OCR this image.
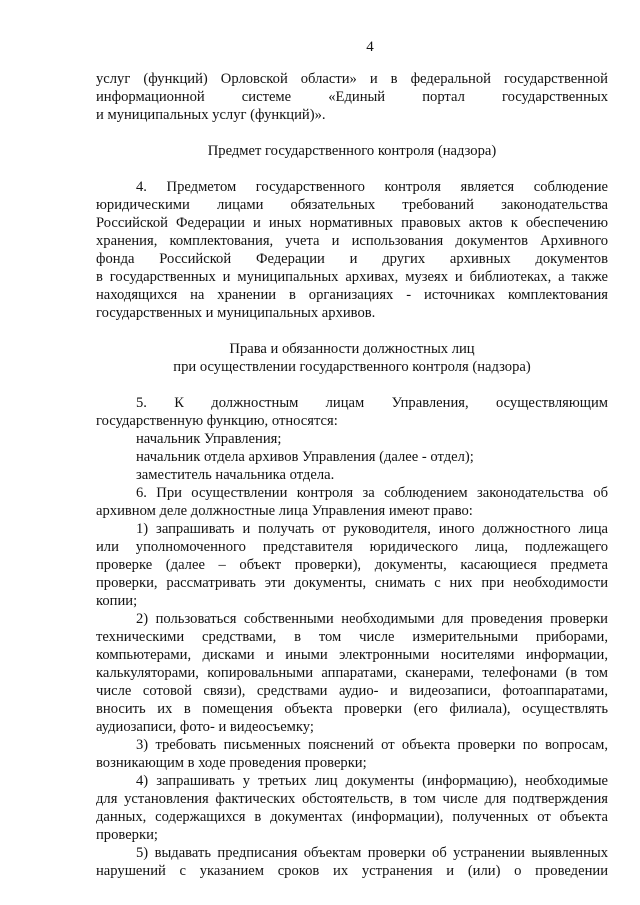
4
услуг (функций) Орловской области» и в федеральной государственной
информационной системе «Единый портал государственных
и муниципальных услуг (функций)».
Предмет государственного контроля (надзора)
4. Предметом государственного контроля является соблюдение
юридическими лицами обязательных требований законодательства
Российской Федерации и иных нормативных правовых актов к обеспечению
хранения, комплектования, учета и использования документов Архивного
фонда Российской Федерации и других архивных документов
в государственных и муниципальных архивах, музеях и библиотеках, а также
находящихся на хранении в организациях - источниках комплектования
государственных и муниципальных архивов.
Права и обязанности должностных лиц
при осуществлении государственного контроля (надзора)
5. К должностным лицам Управления, осуществляющим
государственную функцию, относятся:
начальник Управления;
начальник отдела архивов Управления (далее - отдел);
заместитель начальника отдела.
6. При осуществлении контроля за соблюдением законодательства об
архивном деле должностные лица Управления имеют право:
1) запрашивать и получать от руководителя, иного должностного лица
или уполномоченного представителя юридического лица, подлежащего
проверке (далее – объект проверки), документы, касающиеся предмета
проверки, рассматривать эти документы, снимать с них при необходимости
копии;
2) пользоваться собственными необходимыми для проведения проверки
техническими средствами, в том числе измерительными приборами,
компьютерами, дисками и иными электронными носителями информации,
калькуляторами, копировальными аппаратами, сканерами, телефонами (в том
числе сотовой связи), средствами аудио- и видеозаписи, фотоаппаратами,
вносить их в помещения объекта проверки (его филиала), осуществлять
аудиозаписи, фото- и видеосъемку;
3) требовать письменных пояснений от объекта проверки по вопросам,
возникающим в ходе проведения проверки;
4) запрашивать у третьих лиц документы (информацию), необходимые
для установления фактических обстоятельств, в том числе для подтверждения
данных, содержащихся в документах (информации), полученных от объекта
проверки;
5) выдавать предписания объектам проверки об устранении выявленных
нарушений с указанием сроков их устранения и (или) о проведении
